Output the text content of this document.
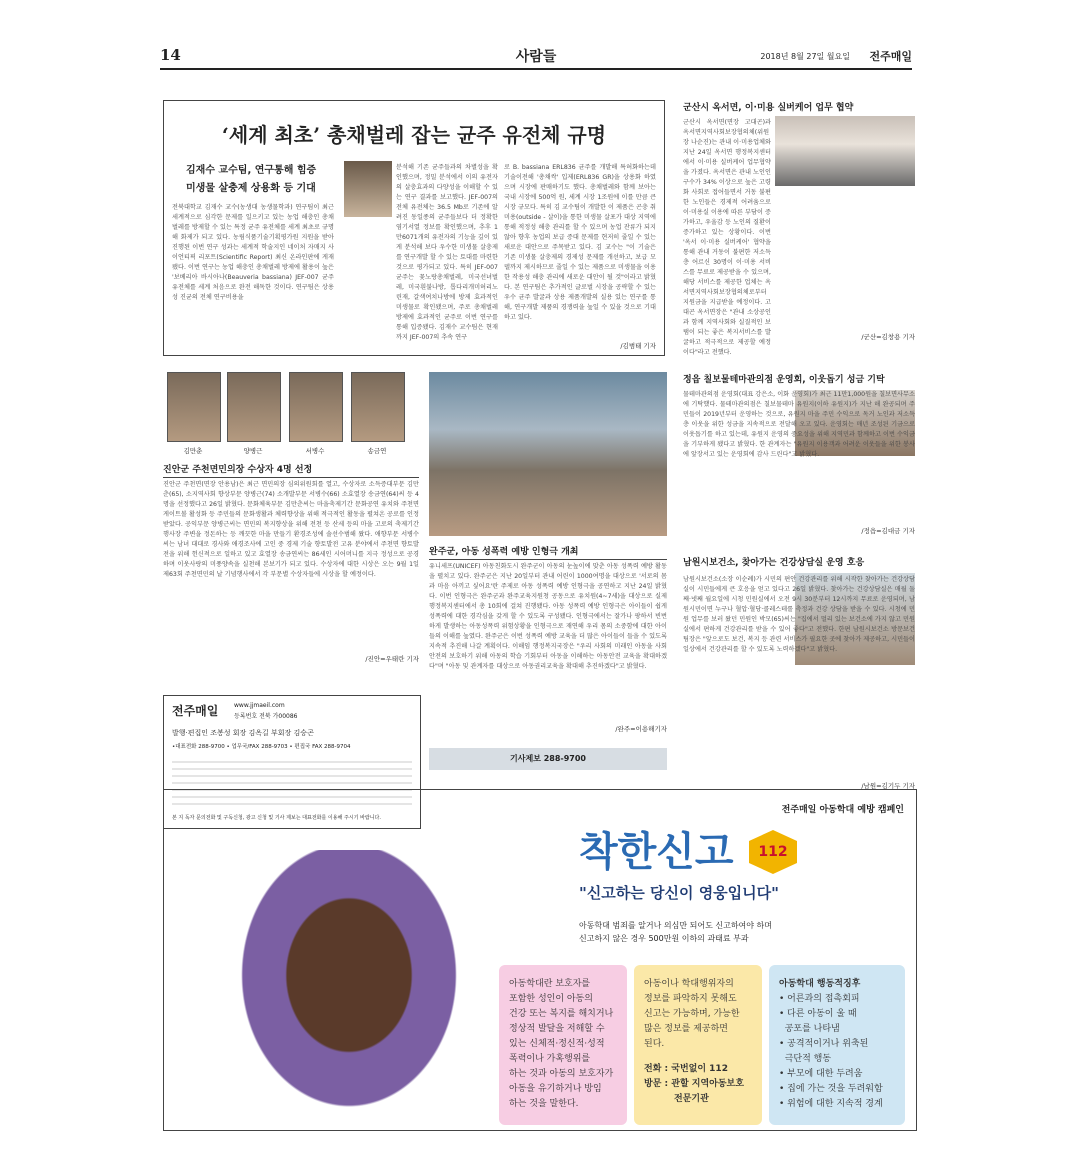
14	사람들	2018년 8월 27일 월요일 전주매일
‘세계 최초’ 총채벌레 잡는 균주 유전체 규명
김재수 교수팀, 연구통해 힘증
미생물 살충제 상용화 등 기대
전북대학교 김재수 교수(농생대 농생물학과) 연구팀이 최근 세계적으로 심각한 문제를 일으키고 있는 농업 해충인 총채벌레를 방제할 수 있는 특정 균주 유전체를 세계 최초로 규명해 화제가 되고 있다. 농림식품기술기획평가원 지원을 받아 진행된 이번 연구 성과는 세계적 학술지인 네이처 자매지 사이언티픽 리포트(Scientific Report) 최신 온라인판에 게재됐다. 이번 연구는 농업 해충인 총채벌레 방제에 활용이 높은 '보베리아 바시아나(Beauveria bassiana) JEF-007 균주 유전체를 세계 처음으로 완전 해독한 것이다. 연구팀은 상용성 진균의 전체 연구비용을
분석해 기존 균주들과의 차별성을 확인했으며, 정밀 분석에서 이의 유전자의 살충효과의 다양성을 이해할 수 있는 연구 결과를 보고했다. JEF-007의 전체 유전체는 36.5 Mb로 기존에 알려진 동일종의 균주들보다 더 정확한 염기서열 정보를 확인했으며, 추후 1만6071개의 유전자의 기능을 깊이 있게 분석해 보다 우수한 미생물 살충제를 연구개발 할 수 있는 토대를 마련한 것으로 평가되고 있다. 특히 JEF-007 균주는 꽃노랑총채벌레, 미국선녀벌레, 미국흰불나방, 톱다리개미허리노린재, 갈색여치나방에 방제 효과적인 미생물로 확인됐으며, 주로 총채벌레 방제에 효과적인 균주로 이번 연구를 통해 입증됐다. 김재수 교수팀은 현재까지 JEF-007의 추속 연구
로 B. bassiana ERL836 균주를 개발해 특허화하는데 기술이전해 '총채싹' 입제(ERL836 GR)을 상용화 하였으며 시장에 판매하기도 했다. 총채벌레와 함께 보아는 국내 시장에 500억 원, 세계 시장 1조원에 이를 만큼 큰 시장 규모다. 특히 김 교수팀이 개발한 이 제품은 곤충 취미용(outside - 살이)을 통한 미생물 살포가 대상 지역에 통해 적정성 해충 관리를 할 수 있으며 농업 잔류가 되지 않아 향후 농업의 보급 증대 문제를 현저히 줄일 수 있는 새로운 대안으로 주목받고 있다. 김 교수는 "이 기술은 기존 미생물 살충제의 경제성 문제를 개선하고, 보급 모델까지 제시하므로 줄일 수 있는 제품으로 미생물을 이용한 작용성 해충 관리에 새로운 대안이 될 것"이라고 밝혔다. 본 연구팀은 추가적인 글로벌 시장을 공략할 수 있는 우수 균주 발굴과 상용 제품개발의 실용 있는 연구를 통해, 연구개발 제품의 경쟁력을 높일 수 있을 것으로 기대하고 있다.
/김범태 기자
김만춘	양병근	서병수	송금연
진안군 주천면민의장 수상자 4명 선정
진안군 주천면(면장 안용남)은 최근 면민의장 심의위원회를 열고, 수상자로 소득증대부문 김만춘(65), 소지역사회 향상부문 양병근(74) 소개발부문 서병수(66) 소효열장 송금연(64)씨 등 4명을 선정했다고 26일 밝혔다. 문화체육부문 김만춘씨는 마을축제기간 문화공연 유치와 주천면 게이트볼 활성화 등 주민들의 문화생활과 체력향상을 위해 적극적인 활동을 펼쳐온 공로를 인정받았다. 공익부문 양병근씨는 면민의 복지향상을 위해 전천 등 산세 등의 마을 고로의 축제기간 행사장 주변을 정돈하는 등 깨끗한 마을 만들기 환경조성에 솔선수범해 왔다. 애향부문 서병수씨는 남녀 대대로 경사와 애경조사에 고인 중 경제 기술 향토발전 고유 분야에서 주천면 향토발전을 위해 헌신적으로 일하고 있고 효열장 송금연씨는 86세인 시어머니를 지극 정성으로 공경하며 이웃사랑의 미풍양속을 실천해 본보기가 되고 있다. 수상자에 대한 시상은 오는 9월 1일 제63회 주천면민의 날 기념행사에서 각 부문별 수상자들에 시상을 할 예정이다.
/진안=우태란 기자
전주매일	www.jjmaeil.com
등록번호 전북 가00086
발행·편집인 조봉성 회장 김옥길 부회장 김승곤
•대표전화 288-9700 • 업무국/FAX 288-9703 • 편집국 FAX 288-9704
본 지 독자 문의전화 및 구독신청, 광고 신청 및 기사 제보는 대표전화를 이용해 주시기 바랍니다.
완주군, 아동 성폭력 예방 인형극 개최
유니세프(UNICEF) 아동친화도시 완주군이 아동의 눈높이에 맞춘 아동 성폭력 예방 활동을 펼치고 있다. 완주군은 지난 20일부터 관내 어린이 1000여명을 대상으로 '서로의 몸과 마음 아끼고 싶어요'란 주제로 아동 성폭력 예방 인형극을 공연하고 지난 24일 밝혔다. 이번 인형극은 완주군과 완주교육지원청 공동으로 유치원(4~7세)을 대상으로 실제 행정복지센터에서 총 10회에 걸쳐 진행됐다. 아동 성폭력 예방 인형극은 아이들이 쉽게 성폭력에 대한 경각심을 갖게 할 수 있도록 구성됐다. 인형극에서는 잘가나 팡하서 빈번하게 발생하는 아동성폭력 위험상황을 인형극으로 재연해 우리 몸의 소중함에 대한 아이들의 이해를 높였다. 완주군은 이번 성폭력 예방 교육을 더 많은 아이들이 들을 수 있도록 지속적 추진해 나갈 계획이다. 이해임 행정복지국장은 "우리 사회의 미래인 아동을 사회안전의 보호하기 위해 아동의 학습 기회부터 아동을 이해하는 아동안전 교육을 확대하겠다"며 "아동 및 관계자를 대상으로 아동권리교육을 확대해 추진하겠다"고 밝혔다.
/완주=이용해기자
기사제보 288-9700
군산시 옥서면, 이·미용 실버케어 업무 협약
군산시 옥서면(면장 고대곤)과 옥서면지역사회보장협의체(위원장 나순진)는 관내 이·미용업체와 지난 24일 옥서면 행정복지센터에서 이·미용 실버케어 업무협약을 가졌다. 옥서면은 관내 노인인구수가 34% 이상으로 높은 고령화 사회로 접어들면서 거동 불편한 노인들은 경제적 어려움으로 이·미용실 이용에 따른 부담이 증가하고, 우울감 등 노인의 질환이 증가하고 있는 상황이다. 이번 '옥서 이·미용 실버케어' 협약을 통해 관내 거동이 불편한 저소득층 어르신 30명이 이·미용 서비스를 무료로 제공받을 수 있으며, 해당 서비스를 제공한 업체는 옥서면지역사회보장협의체로부터 지원금을 지급받을 예정이다. 고대곤 옥서면장은 "관내 소상공인과 함께 지역사회와 실질적인 보탬이 되는 좋은 복지서비스를 발굴하고 적극적으로 제공할 예정이다"라고 전했다.
/군산=김창용 기자
정읍 칠보물테마관의점 운영회, 이웃돕기 성금 기탁
물테마관의점 운영회(대표 강은소, 이화 운영회)가 최근 11만1,000원을 칠보면사무소에 기탁했다. 물테마관의점은 칠보물테마 유원지(이하 유원지)가 지난 해 완공되며 주민들이 2019년부터 운영하는 것으로, 유원지 마을 주민 수익으로 독거 노인과 저소득층 이웃을 위한 성금을 지속적으로 전달해 오고 있다. 운영회는 매년 조성된 기금으로 이웃돕기를 하고 있는데, 유원지 운영의 중요성을 위해 지역민과 함께하고 이번 수익금을 기부하게 됐다고 밝혔다. 한 관계자는 "유원지 이용객과 어려운 이웃들을 위한 봉사에 앞장서고 있는 운영회에 감사 드린다"고 밝혔다.
/정읍=김대금 기자
남원시보건소, 찾아가는 건강상담실 운영 호응
남원시보건소(소장 이순례)가 시민의 편안 건강관리를 위해 시작한 찾아가는 건강상담실이 시민들에게 큰 호응을 얻고 있다고 26일 밝혔다. 찾아가는 건강상담실은 매월 둘째·넷째 월요일에 시청 민원실에서 오전 9시 30분부터 12시까지 무료로 운영되며, 남원시민이면 누구나 혈압·혈당·콜레스테롤 측정과 건강 상담을 받을 수 있다. 시청에 민원 업무를 보러 왔던 민원인 박모(65)씨는 "집에서 멀리 있는 보건소에 가지 않고 민원실에서 편하게 건강관리를 받을 수 있어 좋다"고 전했다. 한편 남원시보건소 방문보건팀장은 "앞으로도 보건, 복지 등 관련 서비스가 필요한 곳에 찾아가 제공하고, 시민들이 일상에서 건강관리를 할 수 있도록 노력하겠다"고 밝혔다.
/남원=김기두 기자
전주매일 아동학대 예방 캠페인
착한신고	112
"신고하는 당신이 영웅입니다"
아동학대 범죄를 알거나 의심만 되어도 신고하여야 하며
신고하지 않은 경우 500만원 이하의 과태료 부과
아동학대란 보호자를
포함한 성인이 아동의
건강 또는 복지를 해치거나
정상적 발달을 저해할 수
있는 신체적·정신적·성적
폭력이나 가혹행위를
하는 것과 아동의 보호자가
아동을 유기하거나 방임
하는 것을 말한다.
아동이나 학대행위자의
정보를 파악하지 못해도
신고는 가능하며, 가능한
많은 정보를 제공하면
된다.
전화 : 국번없이 112
방문 : 관할 지역아동보호
전문기관
아동학대 행동적징후
• 어른과의 접촉회피
• 다른 아동이 울 때
공포를 나타냄
• 공격적이거나 위축된
극단적 행동
• 부모에 대한 두려움
• 집에 가는 것을 두려워함
• 위험에 대한 지속적 경계
